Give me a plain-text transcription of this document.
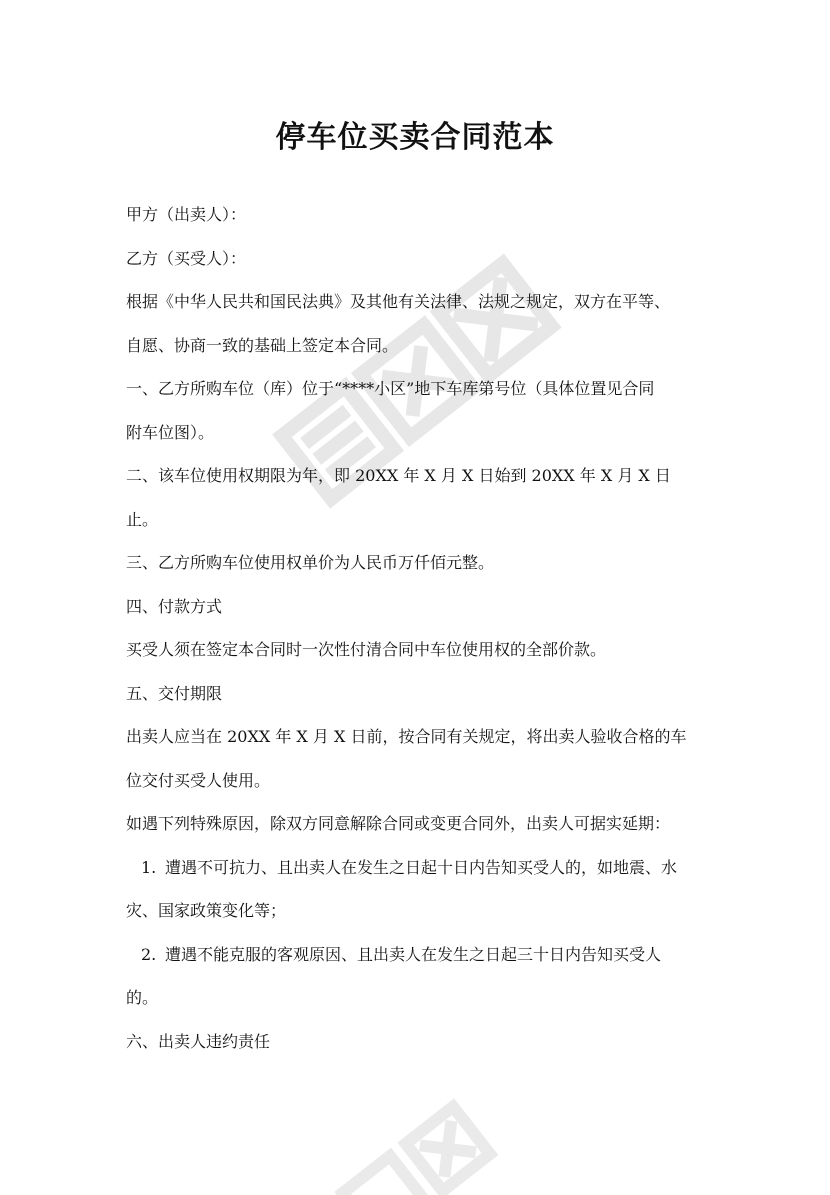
停车位买卖合同范本

甲方（出卖人）：

乙方（买受人）：

根据《中华人民共和国民法典》及其他有关法律、法规之规定，双方在平等、

自愿、协商一致的基础上签定本合同。

一、乙方所购车位（库）位于“****小区”地下车库第号位（具体位置见合同

附车位图）。

二、该车位使用权期限为年，即 20XX 年 X 月 X 日始到 20XX 年 X 月 X 日

止。

三、乙方所购车位使用权单价为人民币万仟佰元整。

四、付款方式

买受人须在签定本合同时一次性付清合同中车位使用权的全部价款。

五、交付期限

出卖人应当在 20XX 年 X 月 X 日前，按合同有关规定，将出卖人验收合格的车

位交付买受人使用。

如遇下列特殊原因，除双方同意解除合同或变更合同外，出卖人可据实延期：

1. 遭遇不可抗力、且出卖人在发生之日起十日内告知买受人的，如地震、水
灾、国家政策变化等；
2. 遭遇不能克服的客观原因、且出卖人在发生之日起三十日内告知买受人
的。

六、出卖人违约责任
